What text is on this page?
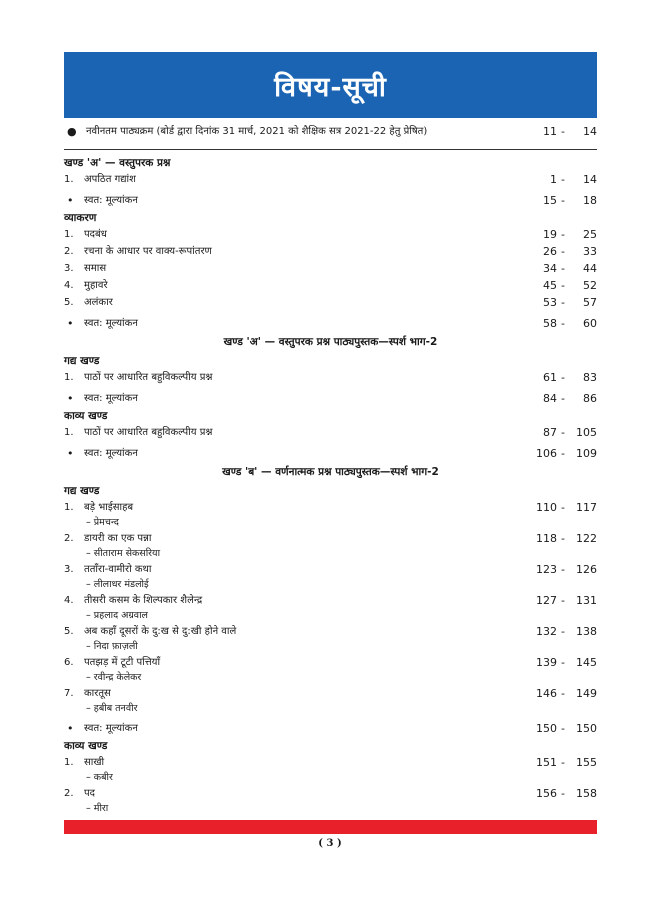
विषय-सूची
● नवीनतम पाठ्यक्रम (बोर्ड द्वारा दिनांक 31 मार्च, 2021 को शैक्षिक सत्र 2021-22 हेतु प्रेषित)	11 -	14
खण्ड 'अ' — वस्तुपरक प्रश्न
1. अपठित गद्यांश	1 -	14
• स्वत: मूल्यांकन	15 -	18
व्याकरण
1. पदबंध	19 -	25
2. रचना के आधार पर वाक्य-रूपांतरण	26 -	33
3. समास	34 -	44
4. मुहावरे	45 -	52
5. अलंकार	53 -	57
• स्वत: मूल्यांकन	58 -	60
खण्ड 'अ' — वस्तुपरक प्रश्न पाठ्यपुस्तक—स्पर्श भाग-2
गद्य खण्ड
1. पाठों पर आधारित बहुविकल्पीय प्रश्न	61 -	83
• स्वत: मूल्यांकन	84 -	86
काव्य खण्ड
1. पाठों पर आधारित बहुविकल्पीय प्रश्न	87 -	105
• स्वत: मूल्यांकन	106 -	109
खण्ड 'ब' — वर्णनात्मक प्रश्न पाठ्यपुस्तक—स्पर्श भाग-2
गद्य खण्ड
1. बड़े भाईसाहब	110 -	117
– प्रेमचन्द
2. डायरी का एक पन्ना	118 -	122
– सीताराम सेकसरिया
3. तताँरा-वामीरो कथा	123 -	126
– लीलाधर मंडलोई
4. तीसरी कसम के शिल्पकार शैलेन्द्र	127 -	131
– प्रहलाद अग्रवाल
5. अब कहाँ दूसरों के दु:ख से दु:खी होने वाले	132 -	138
– निदा फ़ाज़ली
6. पतझड़ में टूटी पत्तियाँ	139 -	145
– रवीन्द्र केलेकर
7. कारतूस	146 -	149
– हबीब तनवीर
• स्वत: मूल्यांकन	150 -	150
काव्य खण्ड
1. साखी	151 -	155
– कबीर
2. पद	156 -	158
– मीरा
( 3 )
